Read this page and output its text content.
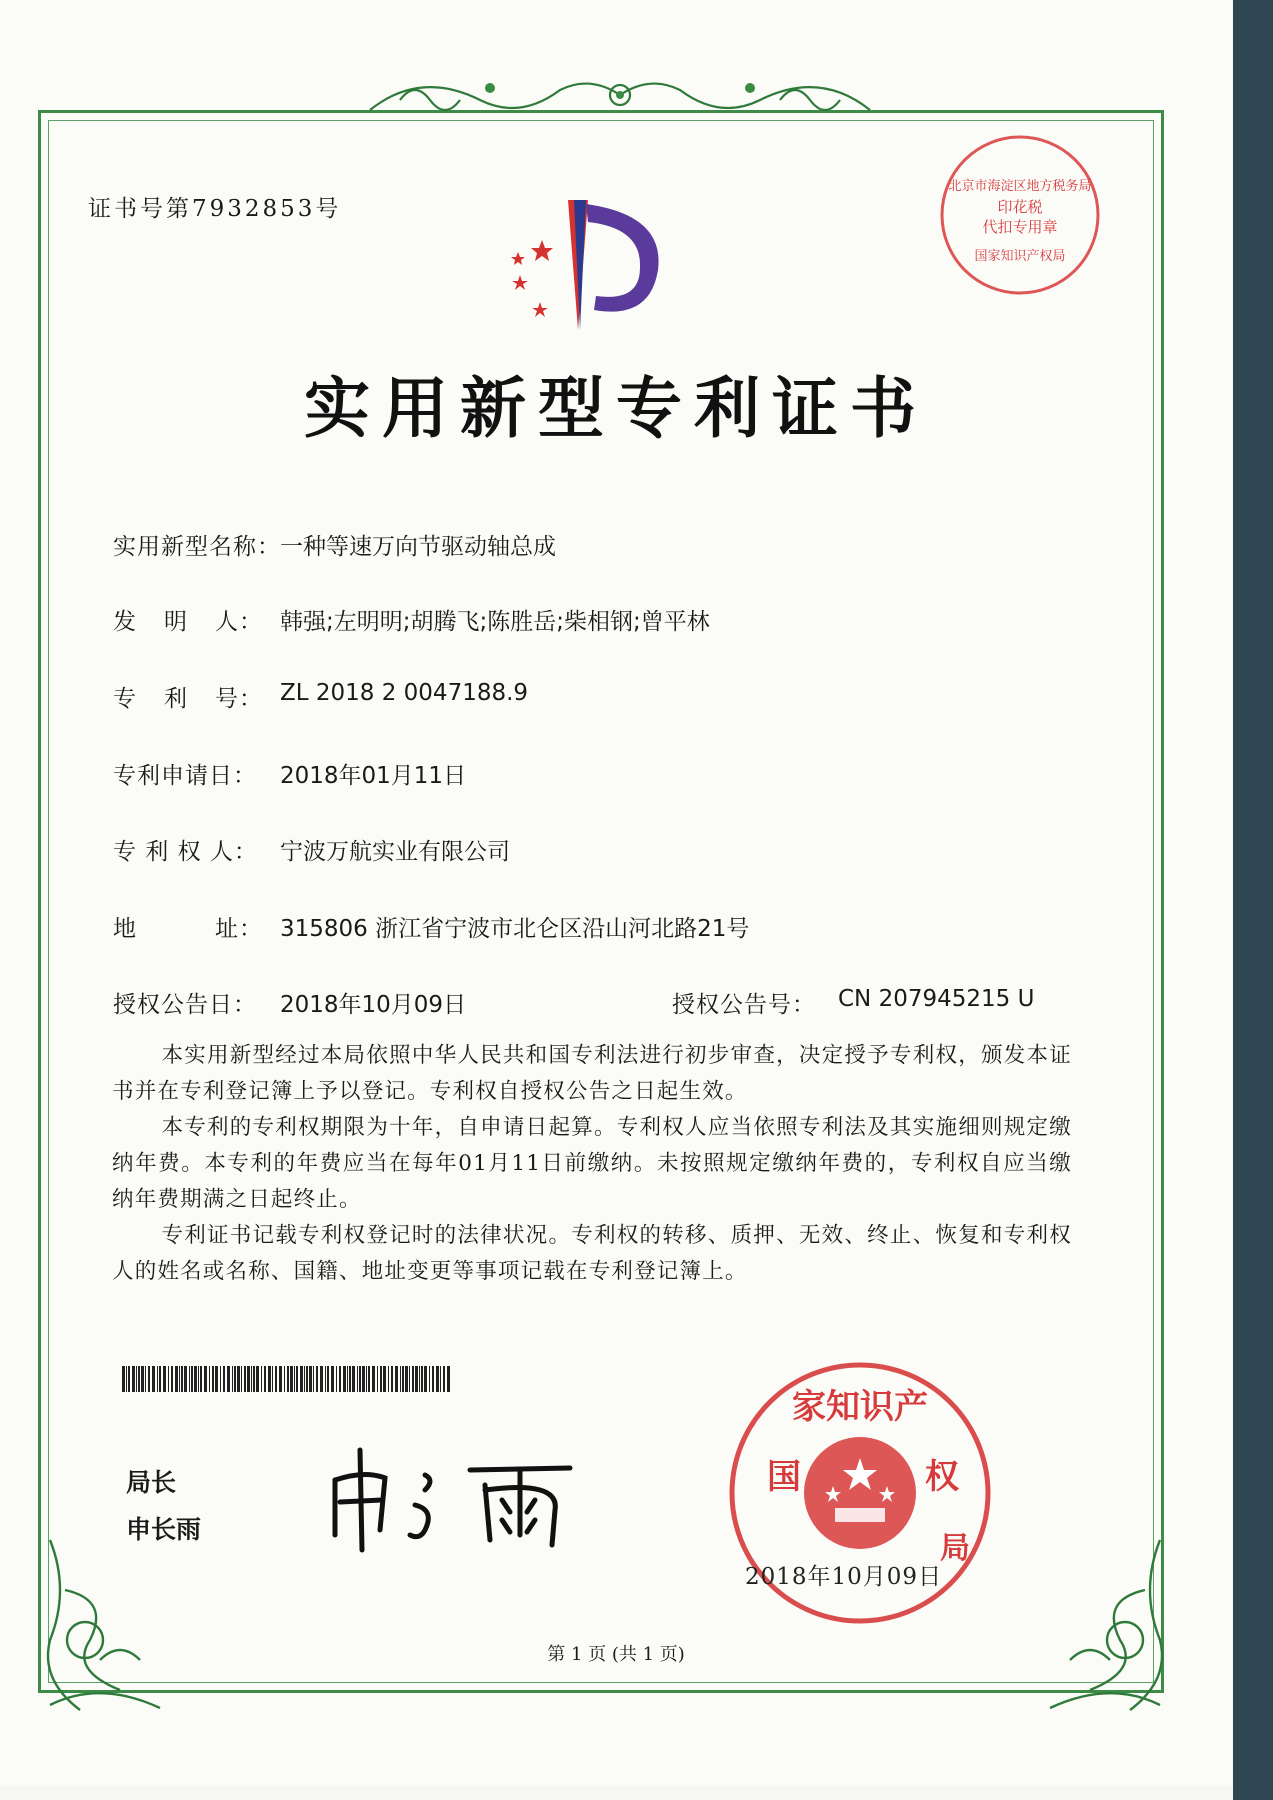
证书号第7932853号
北京市海淀区地方税务局
印花税
代扣专用章
国家知识产权局
实用新型专利证书
实用新型名称： 一种等速万向节驱动轴总成
发 明 人： 韩强;左明明;胡腾飞;陈胜岳;柴相钢;曾平林
专 利 号： ZL 2018 2 0047188.9
专利申请日： 2018年01月11日
专 利 权 人： 宁波万航实业有限公司
地	址： 315806 浙江省宁波市北仑区沿山河北路21号
授权公告日： 2018年10月09日	授权公告号： CN 207945215 U

本实用新型经过本局依照中华人民共和国专利法进行初步审查，决定授予专利权，颁发本证书并在专利登记簿上予以登记。专利权自授权公告之日起生效。

本专利的专利权期限为十年，自申请日起算。专利权人应当依照专利法及其实施细则规定缴纳年费。本专利的年费应当在每年01月11日前缴纳。未按照规定缴纳年费的，专利权自应当缴纳年费期满之日起终止。

专利证书记载专利权登记时的法律状况。专利权的转移、质押、无效、终止、恢复和专利权人的姓名或名称、国籍、地址变更等事项记载在专利登记簿上。

局长
申长雨
家知识产
国	权
局
2018年10月09日
第 1 页 (共 1 页)
